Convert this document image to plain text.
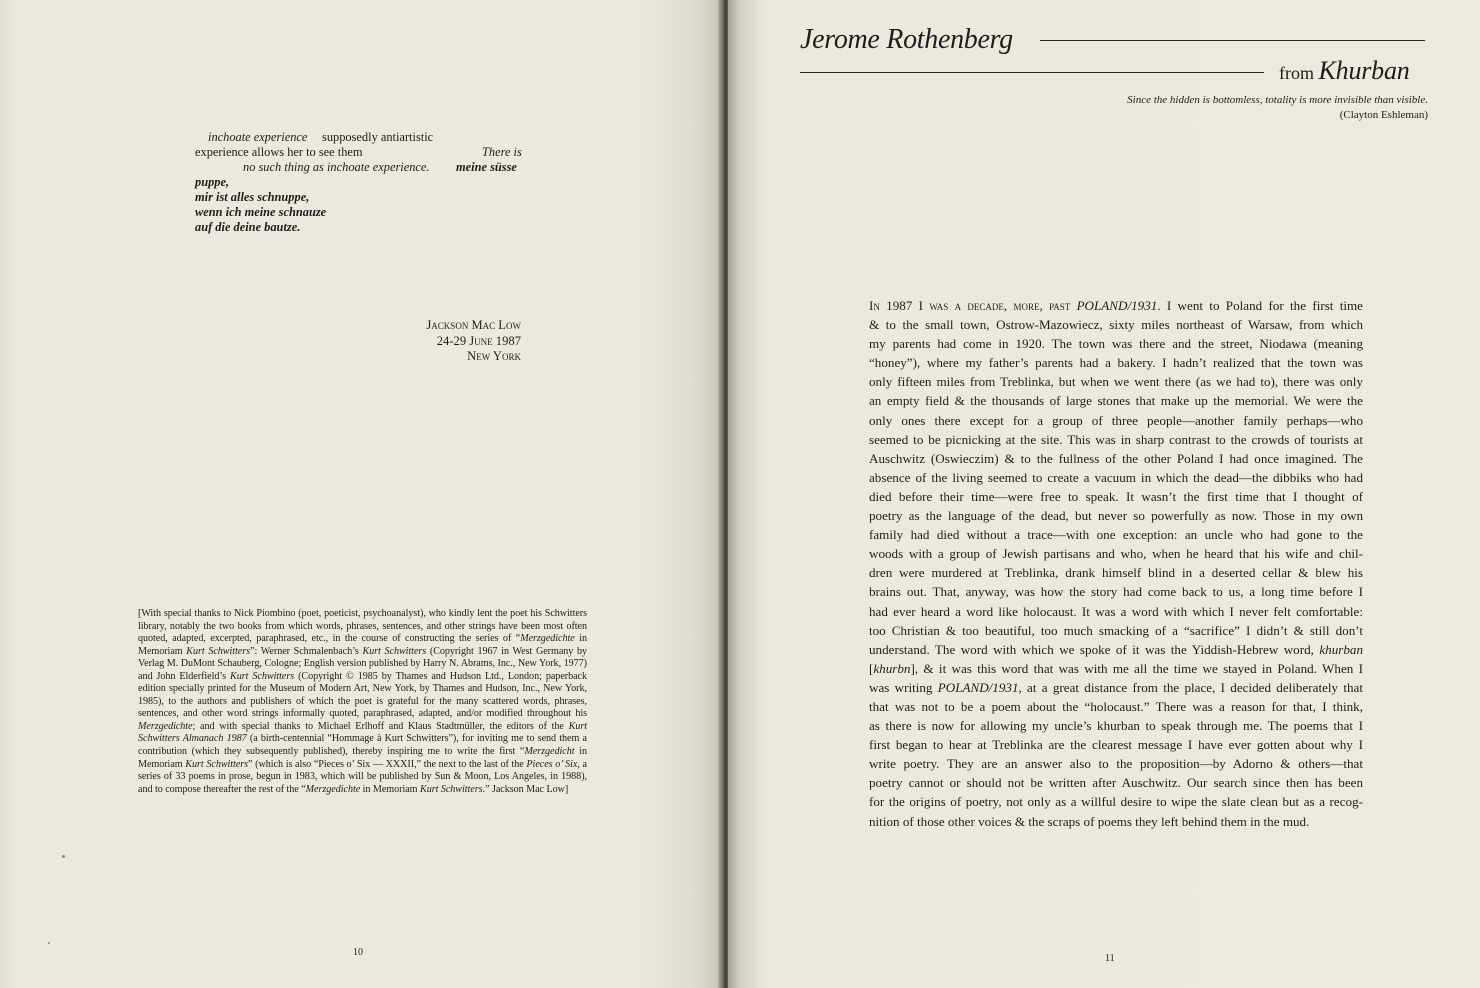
inchoate experience supposedly antiartistic
experience allows her to see them	There is
no such thing as inchoate experience. meine süsse
puppe,
mir ist alles schnuppe,
wenn ich meine schnauze
auf die deine bautze.
Jackson Mac Low
24-29 June 1987
New York

[With special thanks to Nick Piombino (poet, poeticist, psychoanalyst), who kindly lent the poet his Schwitters library, notably the two books from which words, phrases, sentences, and other strings have been most often quoted, adapted, excerpted, paraphrased, etc., in the course of constructing the series of “Merzgedichte in Memoriam Kurt Schwitters”: Werner Schmalenbach’s Kurt Schwitters (Copyright 1967 in West Germany by Verlag M. DuMont Schauberg, Cologne; English version published by Harry N. Abrams, Inc., New York, 1977) and John Elderfield’s Kurt Schwitters (Copyright © 1985 by Thames and Hudson Ltd., London; paperback edition specially printed for the Museum of Modern Art, New York, by Thames and Hudson, Inc., New York, 1985), to the authors and publishers of which the poet is grateful for the many scattered words, phrases, sentences, and other word strings informally quoted, paraphrased, adapted, and/or modified throughout his Merzgedichte; and with special thanks to Michael Erlhoff and Klaus Stadtmüller, the editors of the Kurt Schwitters Almanach 1987 (a birth-centennial “Hommage à Kurt Schwitters”), for inviting me to send them a contribution (which they subsequently published), thereby inspiring me to write the first “Merzgedicht in Memoriam Kurt Schwitters” (which is also “Pieces o’ Six — XXXII,” the next to the last of the Pieces o’ Six, a series of 33 poems in prose, begun in 1983, which will be published by Sun & Moon, Los Angeles, in 1988), and to compose thereafter the rest of the “Merzgedichte in Memoriam Kurt Schwitters.” Jackson Mac Low]

10
Jerome Rothenberg
from Khurban
Since the hidden is bottomless, totality is more invisible than visible. (Clayton Eshleman)

In 1987 I was a decade, more, past POLAND/1931. I went to Poland for the first time

& to the small town, Ostrow-Mazowiecz, sixty miles northeast of Warsaw, from which

my parents had come in 1920. The town was there and the street, Niodawa (meaning

“honey”), where my father’s parents had a bakery. I hadn’t realized that the town was

only fifteen miles from Treblinka, but when we went there (as we had to), there was only

an empty field & the thousands of large stones that make up the memorial. We were the

only ones there except for a group of three people—another family perhaps—who

seemed to be picnicking at the site. This was in sharp contrast to the crowds of tourists at

Auschwitz (Oswieczim) & to the fullness of the other Poland I had once imagined. The

absence of the living seemed to create a vacuum in which the dead—the dibbiks who had

died before their time—were free to speak. It wasn’t the first time that I thought of

poetry as the language of the dead, but never so powerfully as now. Those in my own

family had died without a trace—with one exception: an uncle who had gone to the

woods with a group of Jewish partisans and who, when he heard that his wife and chil-

dren were murdered at Treblinka, drank himself blind in a deserted cellar & blew his

brains out. That, anyway, was how the story had come back to us, a long time before I

had ever heard a word like holocaust. It was a word with which I never felt comfortable:

too Christian & too beautiful, too much smacking of a “sacrifice” I didn’t & still don’t

understand. The word with which we spoke of it was the Yiddish-Hebrew word, khurban

[khurbn], & it was this word that was with me all the time we stayed in Poland. When I

was writing POLAND/1931, at a great distance from the place, I decided deliberately that

that was not to be a poem about the “holocaust.” There was a reason for that, I think,

as there is now for allowing my uncle’s khurban to speak through me. The poems that I

first began to hear at Treblinka are the clearest message I have ever gotten about why I

write poetry. They are an answer also to the proposition—by Adorno & others—that

poetry cannot or should not be written after Auschwitz. Our search since then has been

for the origins of poetry, not only as a willful desire to wipe the slate clean but as a recog-

nition of those other voices & the scraps of poems they left behind them in the mud.

11
